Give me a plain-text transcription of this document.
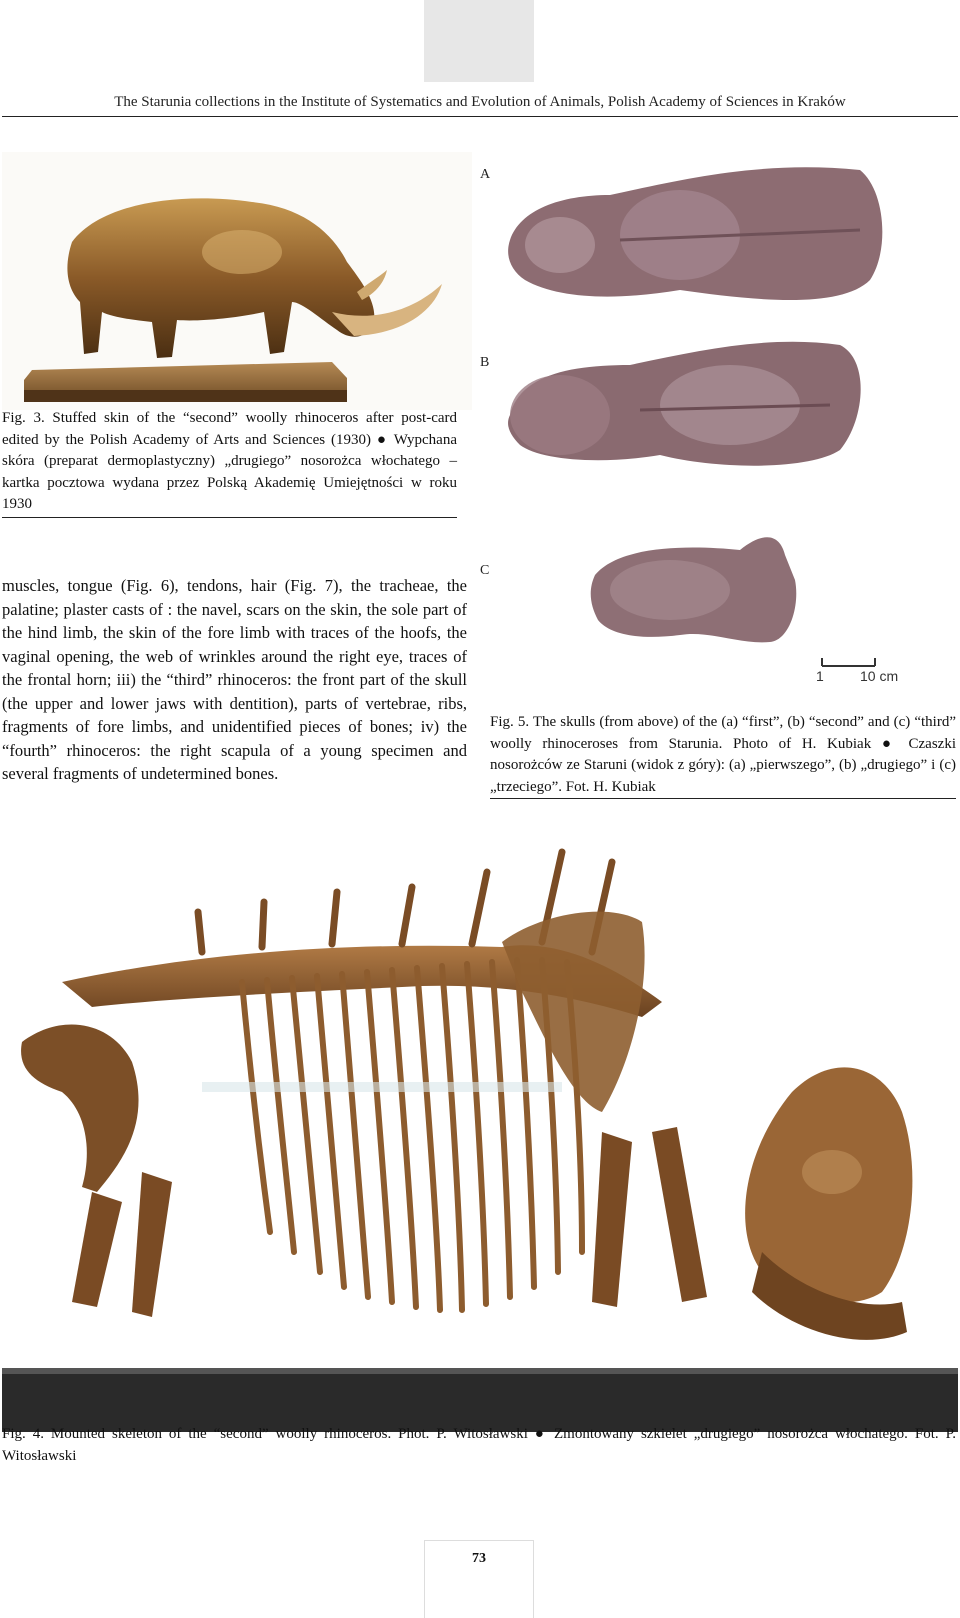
The Starunia collections in the Institute of Systematics and Evolution of Animals, Polish Academy of Sciences in Kraków
Fig. 3. Stuffed skin of the “second” woolly rhinoceros after post-card edited by the Polish Academy of Arts and Sciences (1930) ● Wypchana skóra (preparat dermoplastyczny) „drugiego” nosorożca włochatego – kartka pocztowa wydana przez Polską Akademię Umiejętności w roku 1930
A
B
C
1	10 cm
Fig. 5. The skulls (from above) of the (a) “first”, (b) “second” and (c) “third” woolly rhinoceroses from Starunia. Photo of H. Kubiak ● Czaszki nosorożców ze Staruni (widok z góry): (a) „pierwszego”, (b) „drugiego” i (c) „trzeciego”. Fot. H. Kubiak
muscles, tongue (Fig. 6), tendons, hair (Fig. 7), the tracheae, the palatine; plaster casts of : the navel, scars on the skin, the sole part of the hind limb, the skin of the fore limb with traces of the hoofs, the vaginal opening, the web of wrinkles around the right eye, traces of the frontal horn; iii) the “third” rhinoceros: the front part of the skull (the upper and lower jaws with dentition), parts of vertebrae, ribs, fragments of fore limbs, and unidentified pieces of bones; iv) the “fourth” rhinoceros: the right scapula of a young specimen and several fragments of undetermined bones.
Fig. 4. Mounted skeleton of the “second” woolly rhinoceros. Phot. P. Witosławski ● Zmontowany szkielet „drugiego” nosorożca włochatego. Fot. P. Witosławski
73
